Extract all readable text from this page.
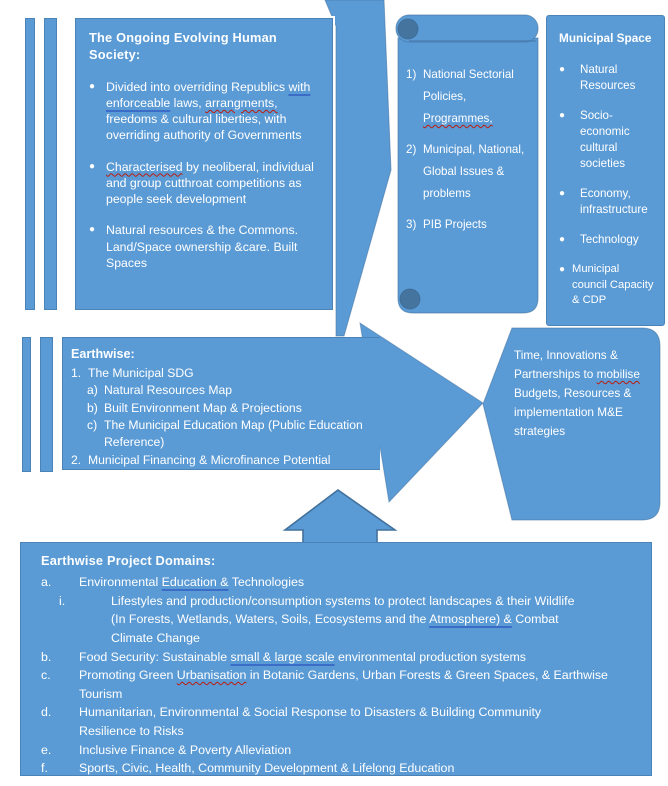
The Ongoing Evolving Human Society:
● Divided into overriding Republics with enforceable laws, arrangments, freedoms & cultural liberties, with overriding authority of Governments
● Characterised by neoliberal, individual and group cutthroat competitions as people seek development
● Natural resources & the Commons. Land/Space ownership &care. Built Spaces
1) National Sectorial Policies, Programmes,
2) Municipal, National, Global Issues & problems
3) PIB Projects
Municipal Space
●	Natural Resources
●	Socio-economic cultural societies
●	Economy, infrastructure
●	Technology
● Municipal council Capacity & CDP
Earthwise:
1. The Municipal SDG
a) Natural Resources Map
b) Built Environment Map & Projections
c) The Municipal Education Map (Public Education Reference)
2. Municipal Financing & Microfinance Potential
Time, Innovations & Partnerships to mobilise Budgets, Resources & implementation M&E strategies
Earthwise Project Domains:
a.	Environmental Education & Technologies
i.	Lifestyles and production/consumption systems to protect landscapes & their Wildlife (In Forests, Wetlands, Waters, Soils, Ecosystems and the Atmosphere) & Combat Climate Change
b.	Food Security: Sustainable small & large scale environmental production systems
c.	Promoting Green Urbanisation in Botanic Gardens, Urban Forests & Green Spaces, & Earthwise Tourism
d.	Humanitarian, Environmental & Social Response to Disasters & Building Community Resilience to Risks
e.	Inclusive Finance & Poverty Alleviation
f.	Sports, Civic, Health, Community Development & Lifelong Education
